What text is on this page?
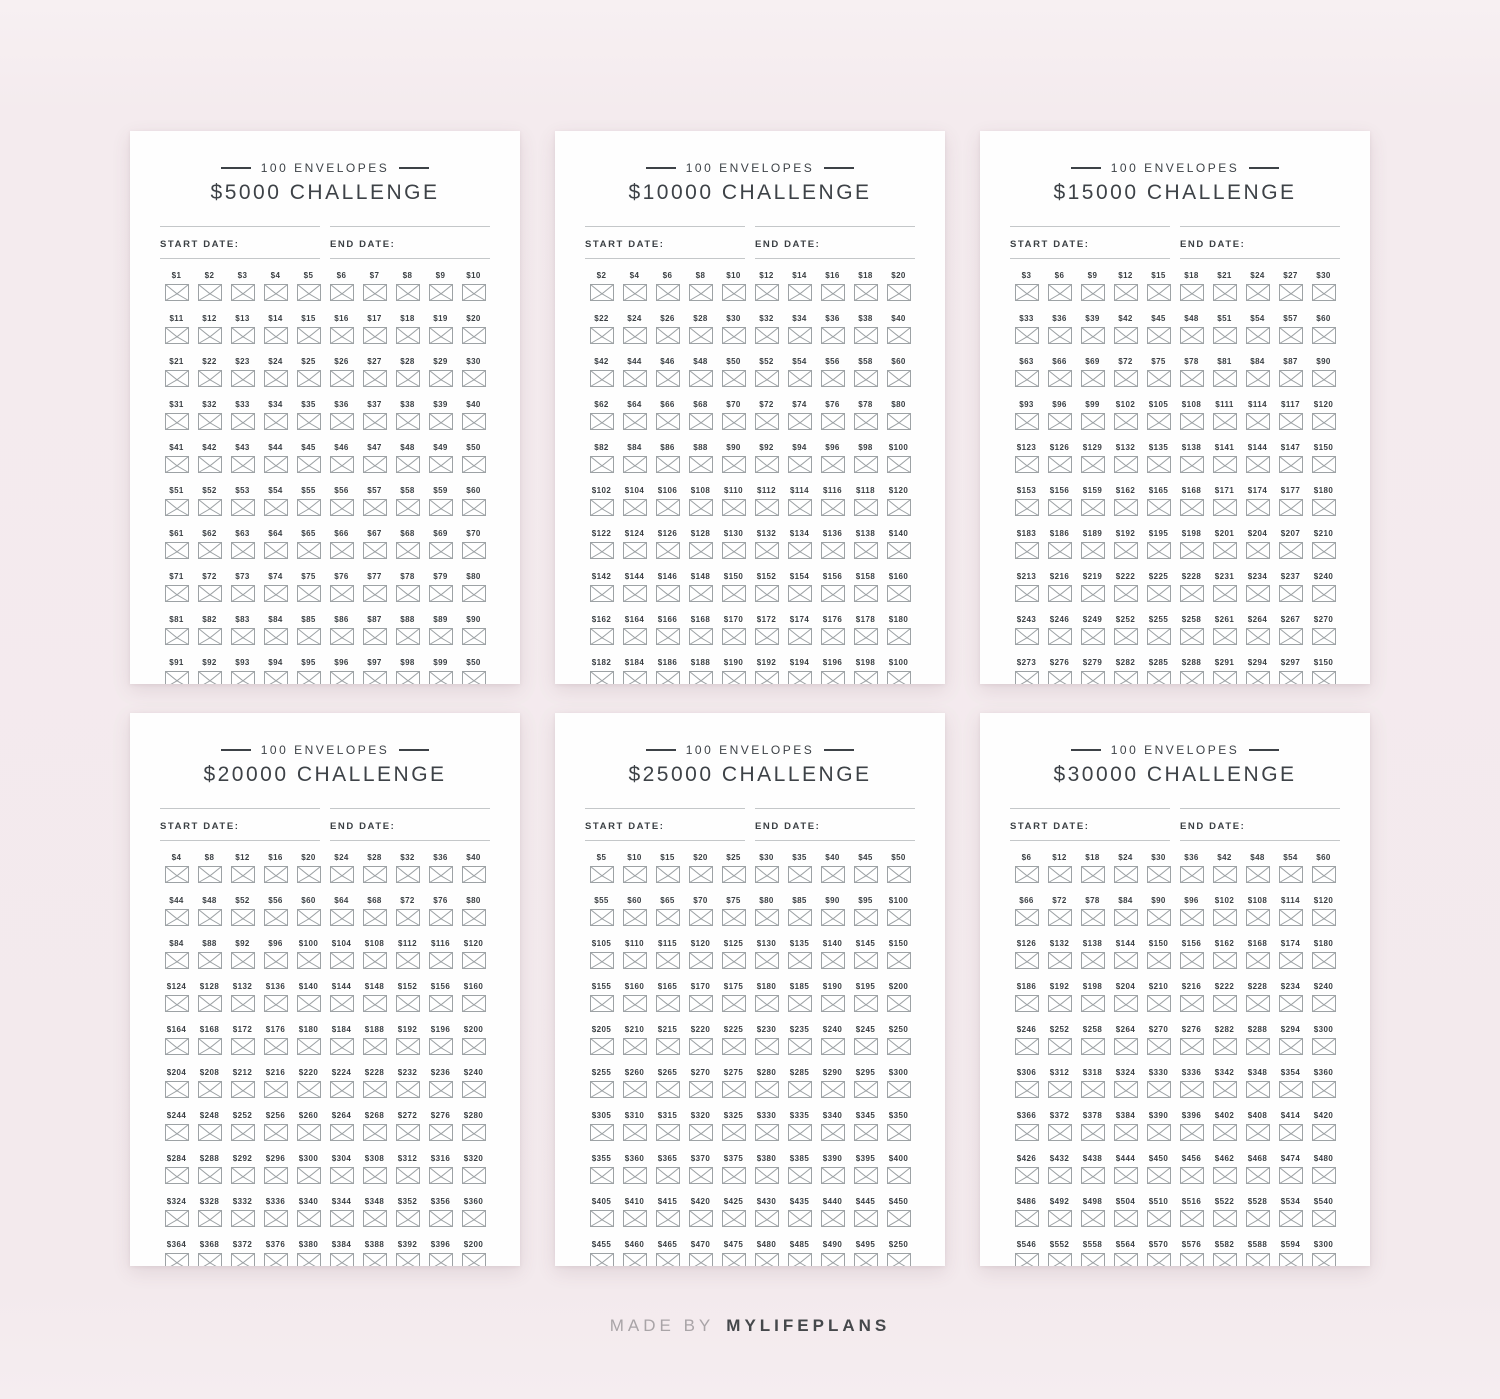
100 ENVELOPES
$5000 CHALLENGE
START DATE:	END DATE:
$1	$2	$3	$4	$5	$6	$7	$8	$9	$10
$11 $12 $13 $14 $15 $16 $17 $18 $19 $20
$21 $22 $23 $24 $25 $26 $27 $28 $29 $30
$31 $32 $33 $34 $35 $36 $37 $38 $39 $40
$41 $42 $43 $44 $45 $46 $47 $48 $49 $50
$51 $52 $53 $54 $55 $56 $57 $58 $59 $60
$61 $62 $63 $64 $65 $66 $67 $68 $69 $70
$71 $72 $73 $74 $75 $76 $77 $78 $79 $80
$81 $82 $83 $84 $85 $86 $87 $88 $89 $90
$91 $92 $93 $94 $95 $96 $97 $98 $99 $50
100 ENVELOPES
$10000 CHALLENGE
START DATE:	END DATE:
$2	$4	$6	$8	$10 $12 $14 $16 $18 $20
$22 $24 $26 $28 $30 $32 $34 $36 $38 $40
$42 $44 $46 $48 $50 $52 $54 $56 $58 $60
$62 $64 $66 $68 $70 $72 $74 $76 $78 $80
$82 $84 $86 $88 $90 $92 $94 $96 $98 $100
$102 $104 $106 $108 $110 $112 $114 $116 $118 $120
$122 $124 $126 $128 $130 $132 $134 $136 $138 $140
$142 $144 $146 $148 $150 $152 $154 $156 $158 $160
$162 $164 $166 $168 $170 $172 $174 $176 $178 $180
$182 $184 $186 $188 $190 $192 $194 $196 $198 $100
100 ENVELOPES
$15000 CHALLENGE
START DATE:	END DATE:
$3	$6	$9	$12 $15 $18 $21 $24 $27 $30
$33 $36 $39 $42 $45 $48 $51 $54 $57 $60
$63 $66 $69 $72 $75 $78 $81 $84 $87 $90
$93 $96 $99 $102 $105 $108 $111 $114 $117 $120
$123 $126 $129 $132 $135 $138 $141 $144 $147 $150
$153 $156 $159 $162 $165 $168 $171 $174 $177 $180
$183 $186 $189 $192 $195 $198 $201 $204 $207 $210
$213 $216 $219 $222 $225 $228 $231 $234 $237 $240
$243 $246 $249 $252 $255 $258 $261 $264 $267 $270
$273 $276 $279 $282 $285 $288 $291 $294 $297 $150
100 ENVELOPES
$20000 CHALLENGE
START DATE:	END DATE:
$4	$8	$12 $16 $20 $24 $28 $32 $36 $40
$44 $48 $52 $56 $60 $64 $68 $72 $76 $80
$84 $88 $92 $96 $100 $104 $108 $112 $116 $120
$124 $128 $132 $136 $140 $144 $148 $152 $156 $160
$164 $168 $172 $176 $180 $184 $188 $192 $196 $200
$204 $208 $212 $216 $220 $224 $228 $232 $236 $240
$244 $248 $252 $256 $260 $264 $268 $272 $276 $280
$284 $288 $292 $296 $300 $304 $308 $312 $316 $320
$324 $328 $332 $336 $340 $344 $348 $352 $356 $360
$364 $368 $372 $376 $380 $384 $388 $392 $396 $200
100 ENVELOPES
$25000 CHALLENGE
START DATE:	END DATE:
$5	$10 $15 $20 $25 $30 $35 $40 $45 $50
$55 $60 $65 $70 $75 $80 $85 $90 $95 $100
$105 $110 $115 $120 $125 $130 $135 $140 $145 $150
$155 $160 $165 $170 $175 $180 $185 $190 $195 $200
$205 $210 $215 $220 $225 $230 $235 $240 $245 $250
$255 $260 $265 $270 $275 $280 $285 $290 $295 $300
$305 $310 $315 $320 $325 $330 $335 $340 $345 $350
$355 $360 $365 $370 $375 $380 $385 $390 $395 $400
$405 $410 $415 $420 $425 $430 $435 $440 $445 $450
$455 $460 $465 $470 $475 $480 $485 $490 $495 $250
100 ENVELOPES
$30000 CHALLENGE
START DATE:	END DATE:
$6	$12 $18 $24 $30 $36 $42 $48 $54 $60
$66 $72 $78 $84 $90 $96 $102 $108 $114 $120
$126 $132 $138 $144 $150 $156 $162 $168 $174 $180
$186 $192 $198 $204 $210 $216 $222 $228 $234 $240
$246 $252 $258 $264 $270 $276 $282 $288 $294 $300
$306 $312 $318 $324 $330 $336 $342 $348 $354 $360
$366 $372 $378 $384 $390 $396 $402 $408 $414 $420
$426 $432 $438 $444 $450 $456 $462 $468 $474 $480
$486 $492 $498 $504 $510 $516 $522 $528 $534 $540
$546 $552 $558 $564 $570 $576 $582 $588 $594 $300
MADE BY MYLIFEPLANS
